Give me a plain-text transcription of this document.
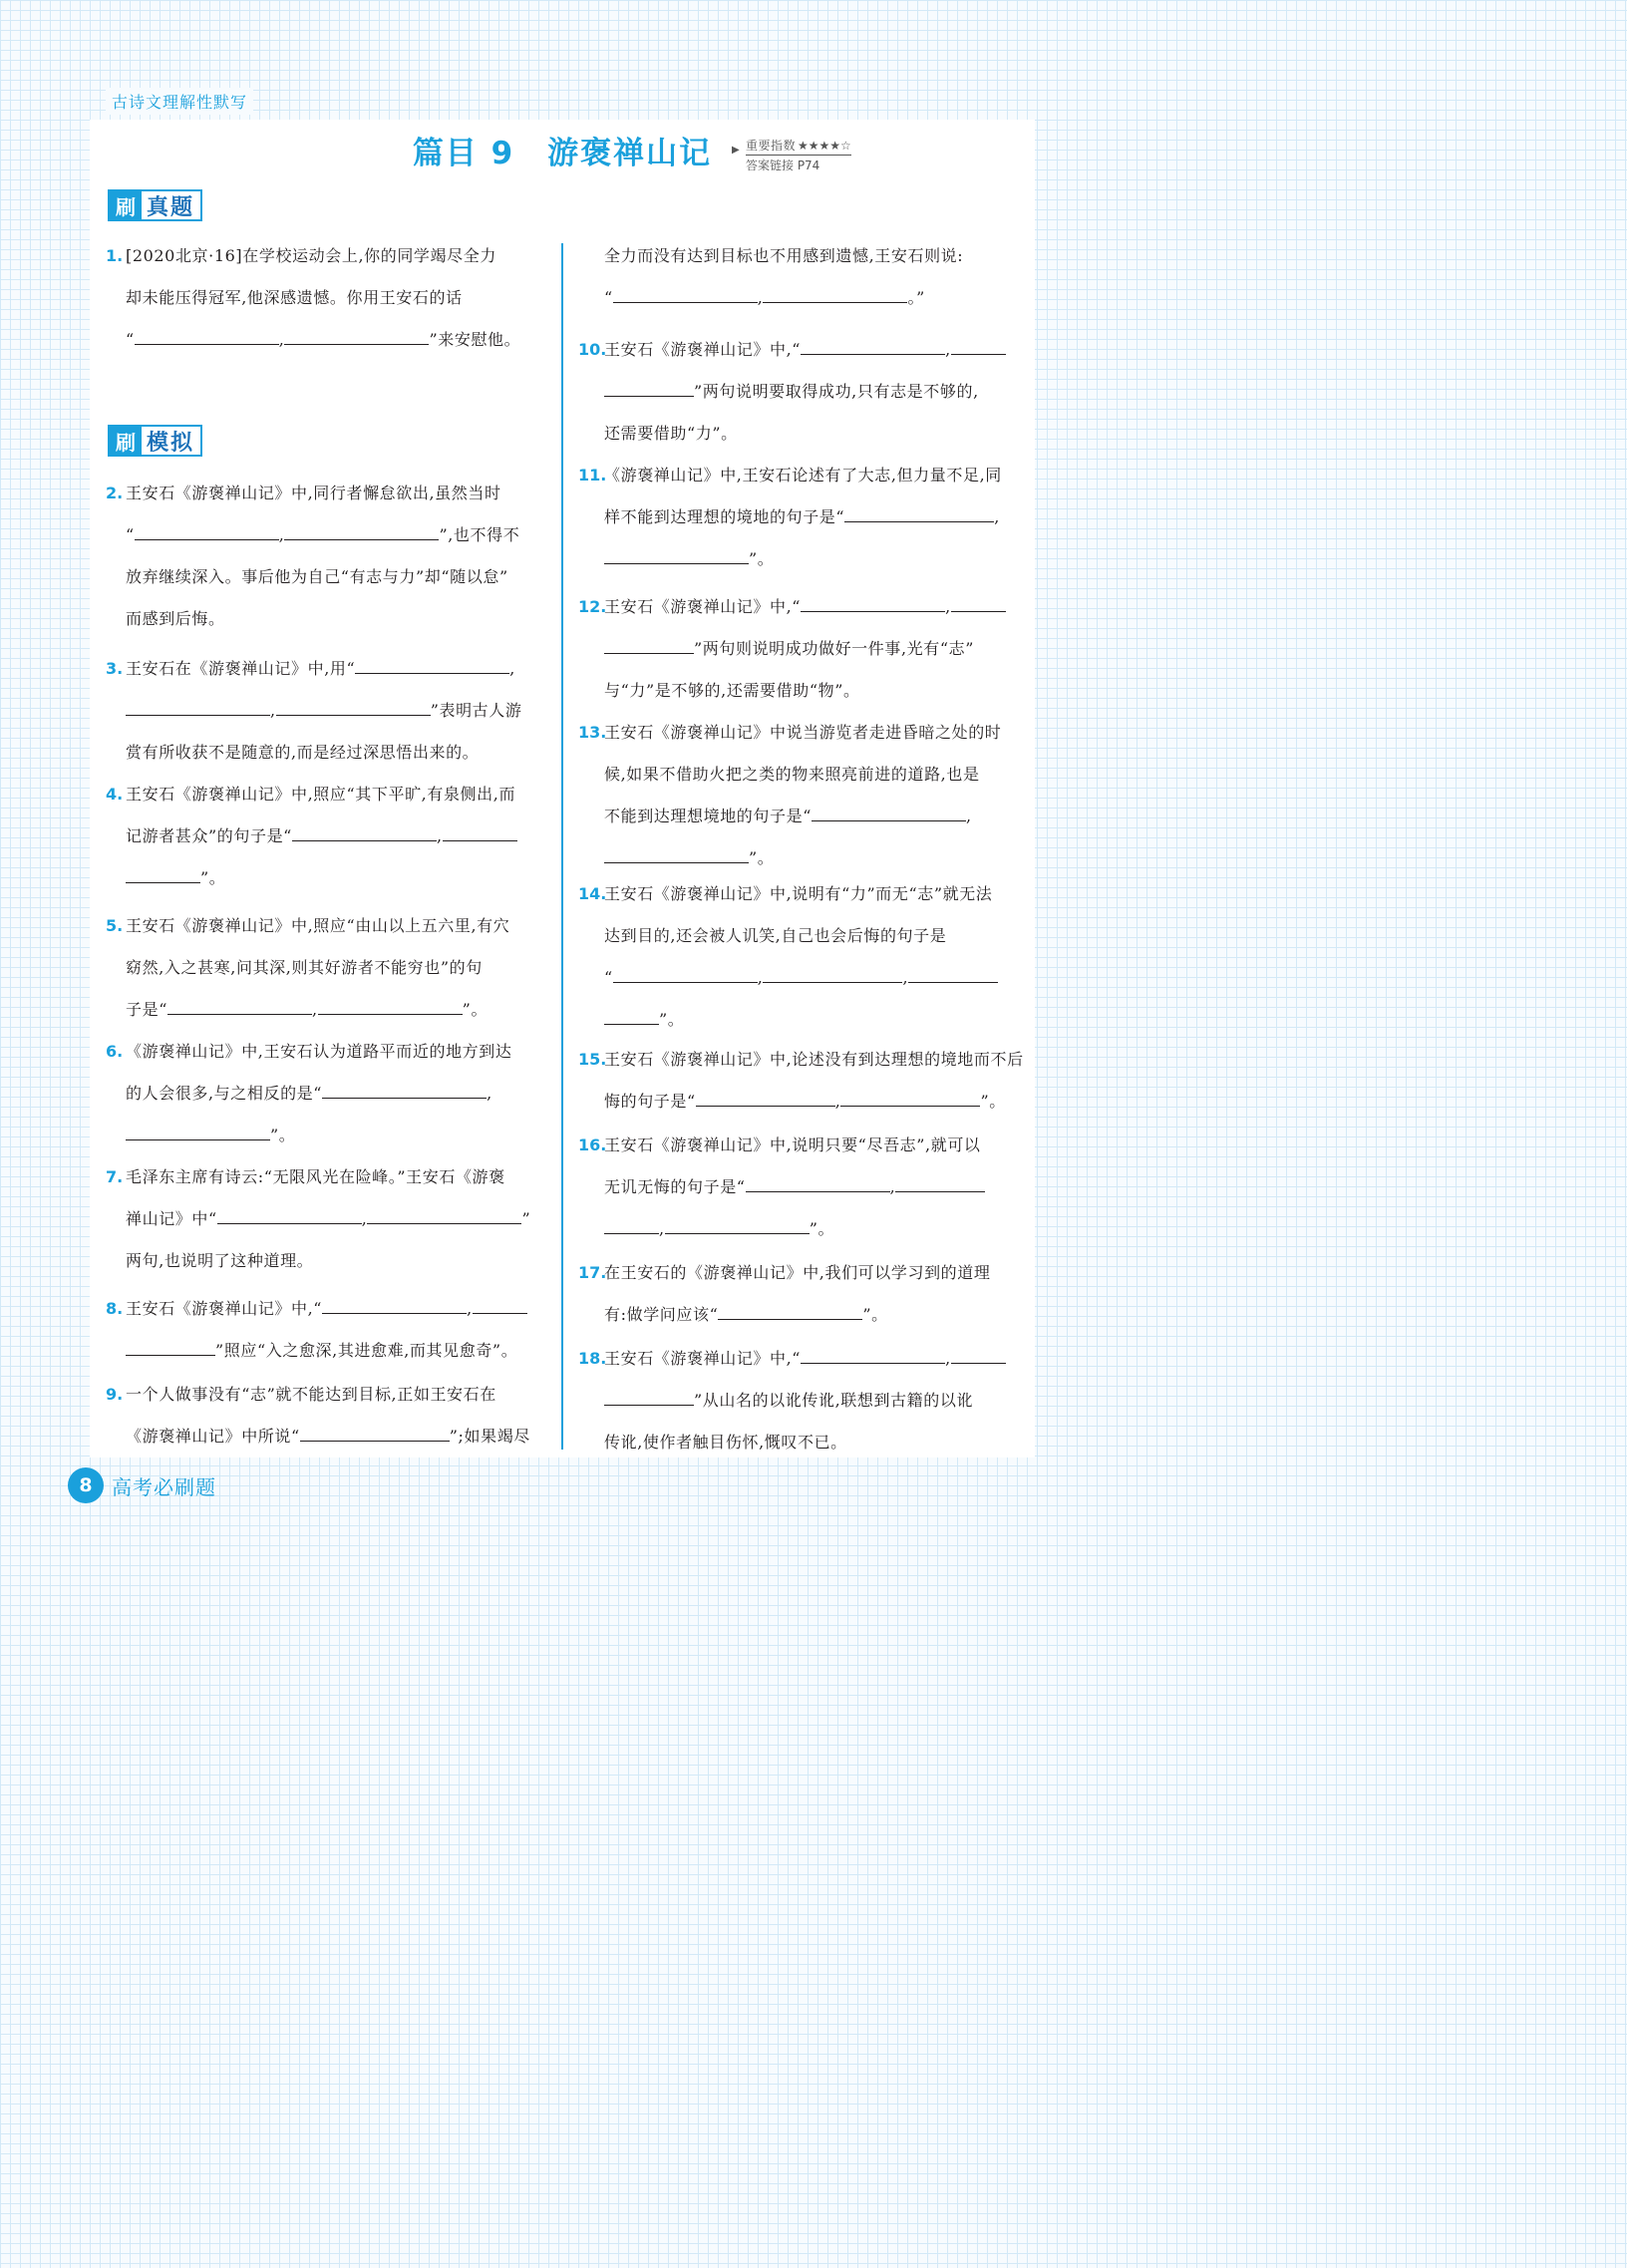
古诗文理解性默写
篇目 9　游褒禅山记	▶ 重要指数 ★★★★☆
答案链接 P74
刷 真题
刷 模拟
1. [2020北京·16]在学校运动会上,你的同学竭尽全力
却未能压得冠军,他深感遗憾。你用王安石的话
“	,	”来安慰他。
2. 王安石《游褒禅山记》中,同行者懈怠欲出,虽然当时
“	,	”,也不得不
放弃继续深入。事后他为自己“有志与力”却“随以怠”
而感到后悔。
3. 王安石在《游褒禅山记》中,用“	,
,	”表明古人游
赏有所收获不是随意的,而是经过深思悟出来的。
4. 王安石《游褒禅山记》中,照应“其下平旷,有泉侧出,而
记游者甚众”的句子是“	,
”。
5. 王安石《游褒禅山记》中,照应“由山以上五六里,有穴
窈然,入之甚寒,问其深,则其好游者不能穷也”的句
子是“	,	”。
6. 《游褒禅山记》中,王安石认为道路平而近的地方到达
的人会很多,与之相反的是“	,
”。
7. 毛泽东主席有诗云:“无限风光在险峰。”王安石《游褒
禅山记》中“	,	”
两句,也说明了这种道理。
8. 王安石《游褒禅山记》中,“	,
”照应“入之愈深,其进愈难,而其见愈奇”。
9. 一个人做事没有“志”就不能达到目标,正如王安石在
《游褒禅山记》中所说“	”;如果竭尽
全力而没有达到目标也不用感到遗憾,王安石则说:
“	,	。”
10.
王安石《游褒禅山记》中,“	,
”两句说明要取得成功,只有志是不够的,
还需要借助“力”。
11.
《游褒禅山记》中,王安石论述有了大志,但力量不足,同
样不能到达理想的境地的句子是“	,
”。
12.
王安石《游褒禅山记》中,“	,
”两句则说明成功做好一件事,光有“志”
与“力”是不够的,还需要借助“物”。
13.
王安石《游褒禅山记》中说当游览者走进昏暗之处的时
候,如果不借助火把之类的物来照亮前进的道路,也是
不能到达理想境地的句子是“	,
”。
14.
王安石《游褒禅山记》中,说明有“力”而无“志”就无法
达到目的,还会被人讥笑,自己也会后悔的句子是
“	,	,
”。
15.
王安石《游褒禅山记》中,论述没有到达理想的境地而不后
悔的句子是“	,	”。
16.
王安石《游褒禅山记》中,说明只要“尽吾志”,就可以
无讥无悔的句子是“	,
,	”。
17.
在王安石的《游褒禅山记》中,我们可以学习到的道理
有:做学问应该“	”。
18.
王安石《游褒禅山记》中,“	,
”从山名的以讹传讹,联想到古籍的以讹
传讹,使作者触目伤怀,慨叹不已。
8 高考必刷题
